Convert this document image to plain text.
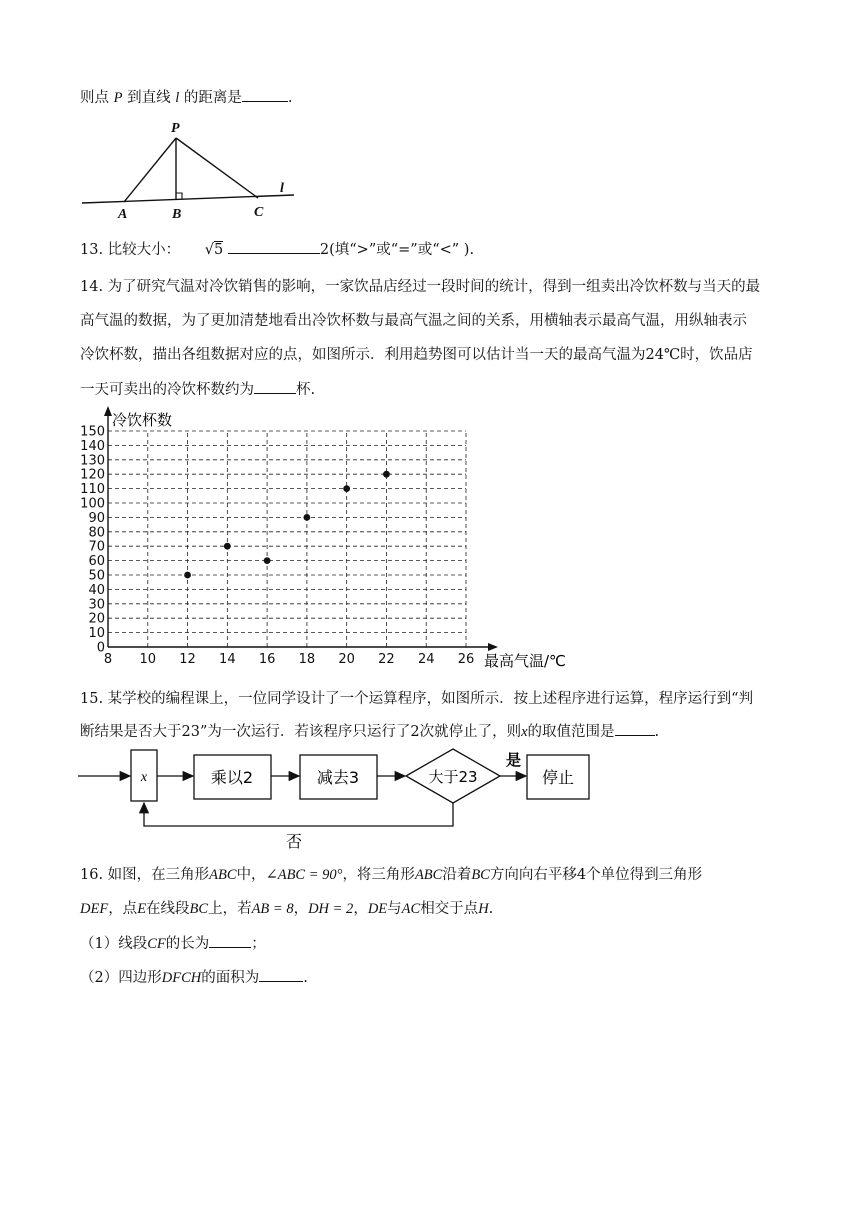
则点 P 到直线 l 的距离是	.
P
A	B	C
l
13. 比较大小： √5	2(填“>”或“=”或“<” ).
14. 为了研究气温对冷饮销售的影响，一家饮品店经过一段时间的统计，得到一组卖出冷饮杯数与当天的最
高气温的数据，为了更加清楚地看出冷饮杯数与最高气温之间的关系，用横轴表示最高气温，用纵轴表示
冷饮杯数，描出各组数据对应的点，如图所示．利用趋势图可以估计当一天的最高气温为24℃时，饮品店
一天可卖出的冷饮杯数约为	杯.
0
10
20
30
40
50
60
70
80
90
100
110
120
130
140
150
8 10 12 14 16 18 20 22 24 26
冷饮杯数
最高气温/℃
15. 某学校的编程课上，一位同学设计了一个运算程序，如图所示．按上述程序进行运算，程序运行到“判
断结果是否大于23”为一次运行．若该程序只运行了2次就停止了，则x的取值范围是	.
x	乘以2	减去3	大于23
是
停止
否
16. 如图，在三角形ABC中，∠ABC = 90°，将三角形ABC沿着BC方向向右平移4个单位得到三角形
DEF，点E在线段BC上，若AB = 8，DH = 2，DE与AC相交于点H.
（1）线段CF的长为	；
（2）四边形DFCH的面积为	.
